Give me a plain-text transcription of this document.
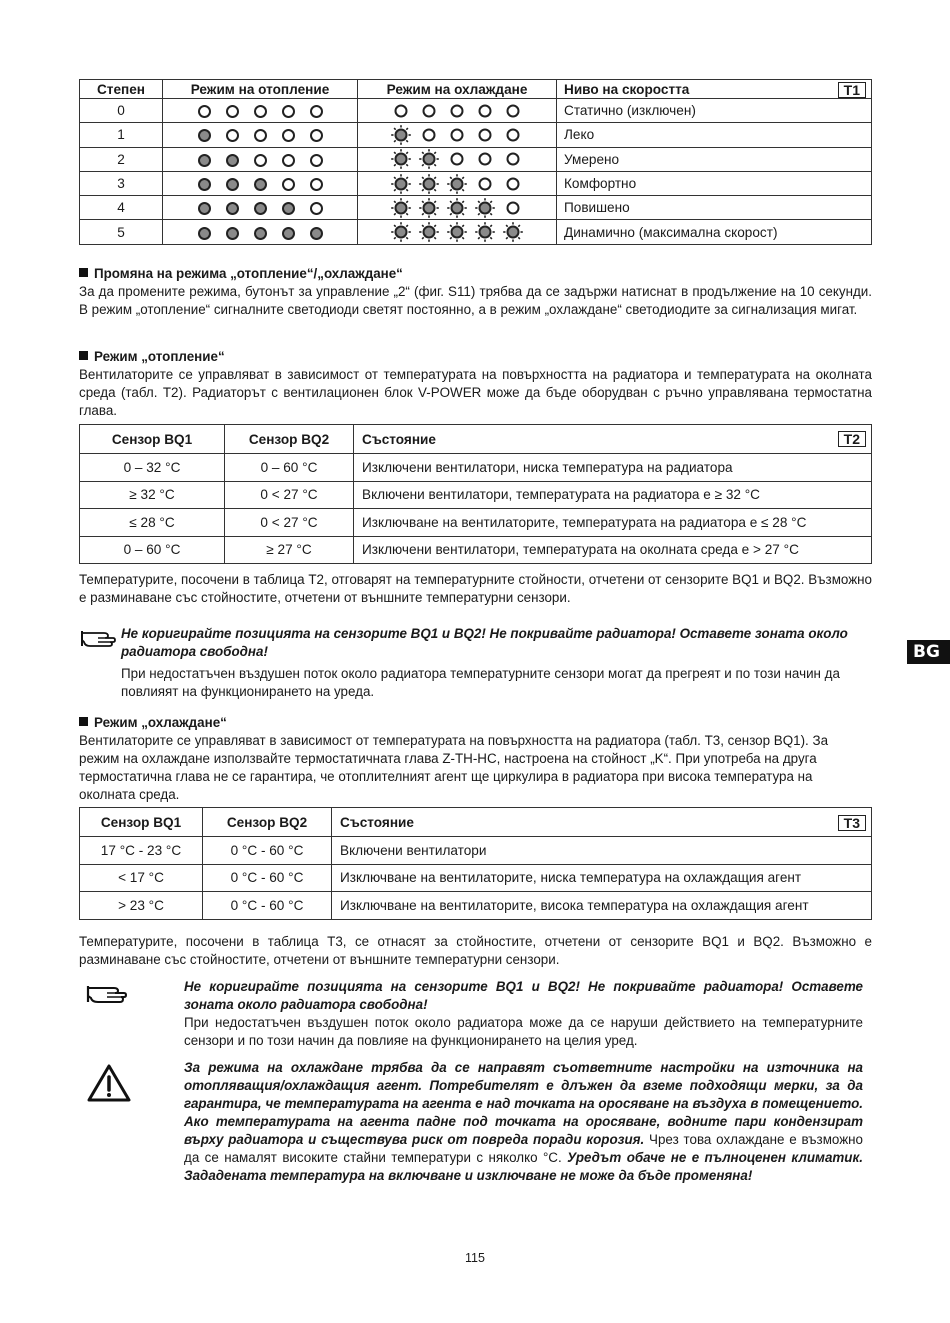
Степен	Режим на отопление	Режим на охлаждане	Ниво на скоростта T1

0			Статично (изключен)
1			Леко
2			Умерено
3			Комфортно
4			Повишено
5			Динамично (максимална скорост)
Промяна на режима „отопление“/„охлаждане“

За да промените режима, бутонът за управление „2“ (фиг. S11) трябва да се задържи натиснат в продължение на 10 секунди. В режим „отопление“ сигналните светодиоди светят постоянно, а в режим „охлаждане“ светодиодите за сигнализация мигат.

Режим „отопление“

Вентилаторите се управляват в зависимост от температурата на повърхността на радиатора и температурата на околната среда (табл. T2). Радиаторът с вентилационен блок V-POWER може да бъде оборудван с ръчно управлявана термостатна глава.

Сензор BQ1	Сензор BQ2	Състояние T2

0 – 32 °C	0 – 60 °C	Изключени вентилатори, ниска температура на радиатора
≥ 32 °C	0 < 27 °C	Включени вентилатори, температурата на радиатора е ≥ 32 °C
≤ 28 °C	0 < 27 °C	Изключване на вентилаторите, температурата на радиатора е ≤ 28 °C
0 – 60 °C	≥ 27 °C	Изключени вентилатори, температурата на околната среда е > 27 °C

Температурите, посочени в таблица T2, отговарят на температурните стойности, отчетени от сензорите BQ1 и BQ2. Възможно е разминаване със стойностите, отчетени от външните температурни сензори.

Не коригирайте позицията на сензорите BQ1 и BQ2! Не покривайте радиатора! Оставете зоната около радиатора свободна!

При недостатъчен въздушен поток около радиатора температурните сензори могат да прегреят и по този начин да повлияят на функционирането на уреда.

BG
Режим „охлаждане“

Вентилаторите се управляват в зависимост от температурата на повърхността на радиатора (табл. T3, сензор BQ1). За режим на охлаждане използвайте термостатичната глава Z-TH-HC, настроена на стойност „K“. При употреба на друга термостатична глава не се гарантира, че отоплителният агент ще циркулира в радиатора при висока температура на околната среда.

Сензор BQ1	Сензор BQ2	Състояние T3

17 °C - 23 °C	0 °C - 60 °C	Включени вентилатори
< 17 °C	0 °C - 60 °C	Изключване на вентилаторите, ниска температура на охлаждащия агент
> 23 °C	0 °C - 60 °C	Изключване на вентилаторите, висока температура на охлаждащия агент

Температурите, посочени в таблица T3, се отнасят за стойностите, отчетени от сензорите BQ1 и BQ2. Възможно е разминаване със стойностите, отчетени от външните температурни сензори.

Не коригирайте позицията на сензорите BQ1 и BQ2! Не покривайте радиатора! Оставете зоната около радиатора свободна!

При недостатъчен въздушен поток около радиатора може да се наруши действието на температурните сензори и по този начин да повлияе на функционирането на целия уред.

За режима на охлаждане трябва да се направят съответните настройки на източника на отопляващия/охлаждащия агент. Потребителят е длъжен да вземе подходящи мерки, за да гарантира, че температурата на агента е над точката на оросяване на въздуха в помещението. Ако температурата на агента падне под точката на оросяване, водните пари кондензират върху радиатора и съществува риск от повреда поради корозия. Чрез това охлаждане е възможно да се намалят високите стайни температури с няколко °C. Уредът обаче не е пълноценен климатик. Зададената температура на включване и изключване не може да бъде променяна!

115
